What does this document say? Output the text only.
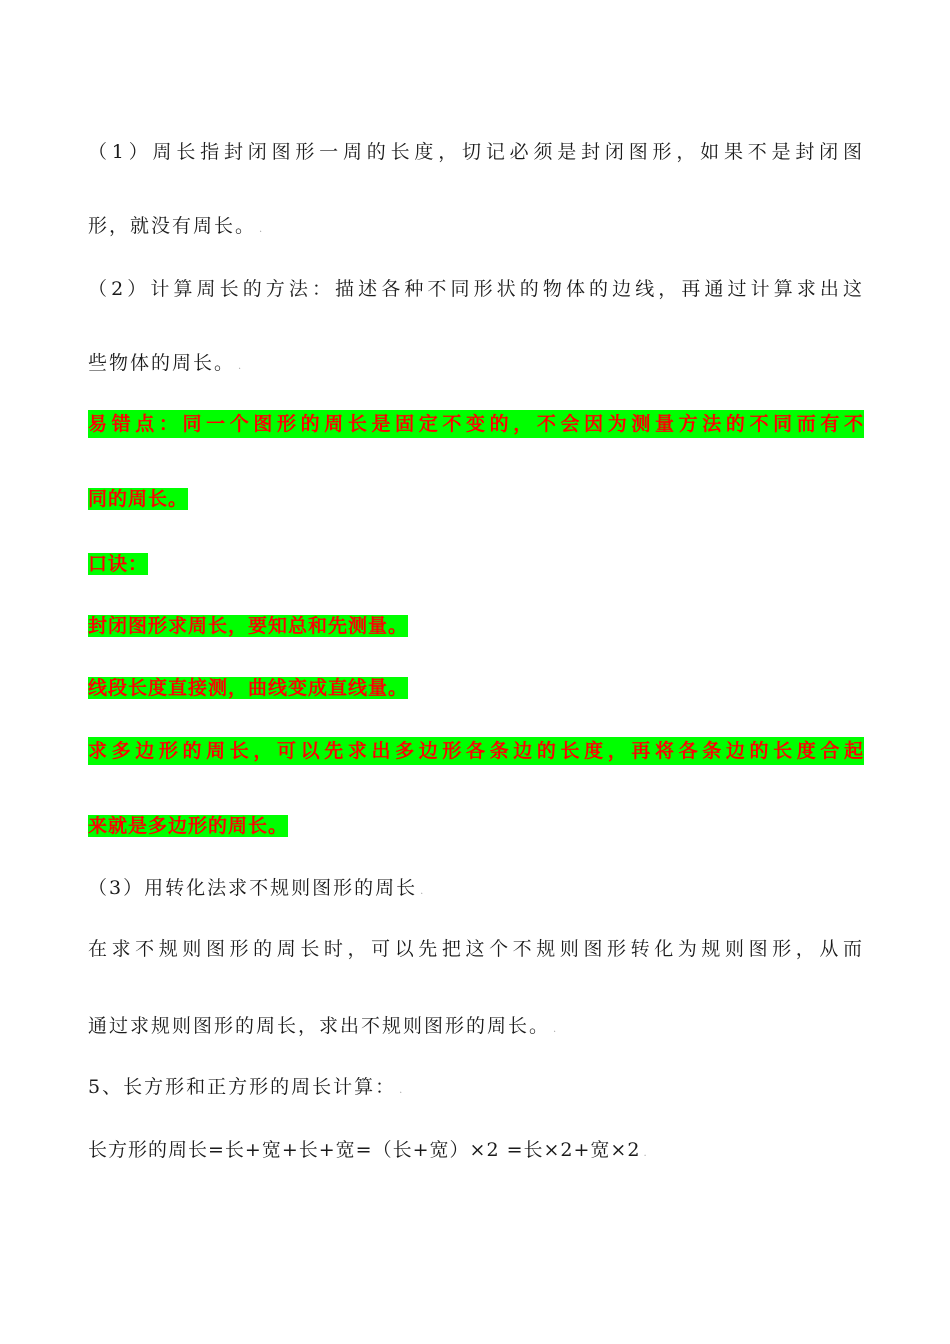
（1）周长指封闭图形一周的长度，切记必须是封闭图形，如果不是封闭图
形，就没有周长。 .
（2）计算周长的方法：描述各种不同形状的物体的边线，再通过计算求出这
些物体的周长。 .
易错点：同一个图形的周长是固定不变的，不会因为测量方法的不同而有不
同的周长。
口诀：
封闭图形求周长，要知总和先测量。
线段长度直接测，曲线变成直线量。
求多边形的周长，可以先求出多边形各条边的长度，再将各条边的长度合起
来就是多边形的周长。
（3）用转化法求不规则图形的周长 .
在求不规则图形的周长时，可以先把这个不规则图形转化为规则图形，从而
通过求规则图形的周长，求出不规则图形的周长。 .
5、长方形和正方形的周长计算： .
长方形的周长=长+宽+长+宽=（长+宽）×2 =长×2+宽×2 .
